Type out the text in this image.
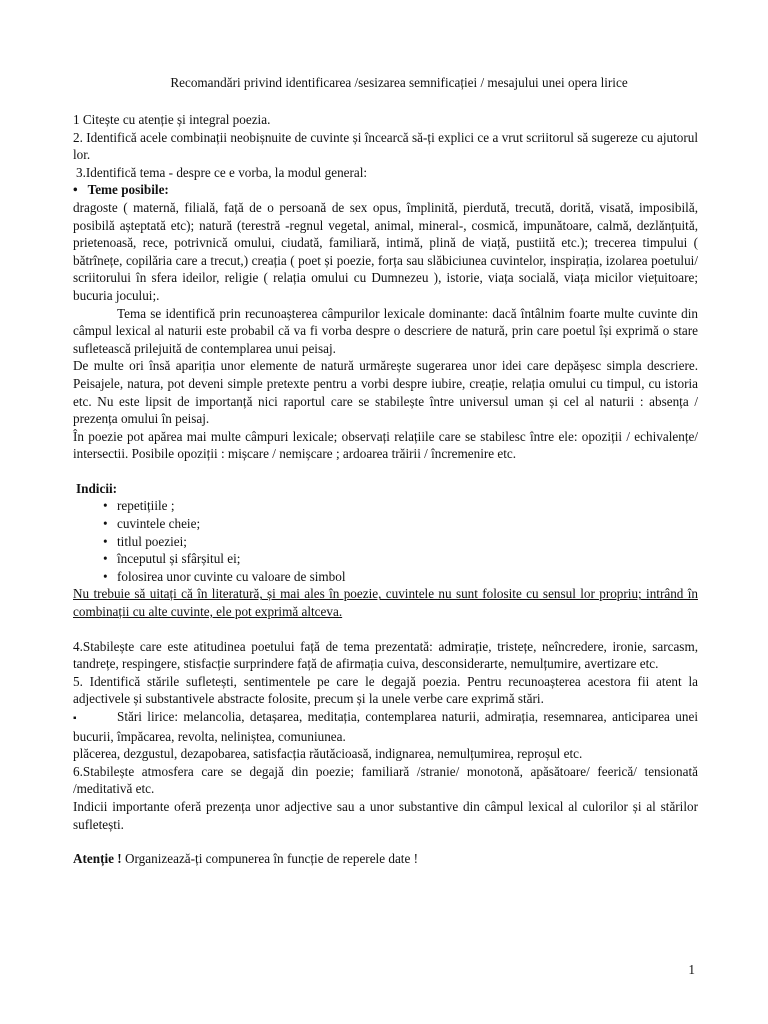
Recomandări privind identificarea /sesizarea semnificației / mesajului unei opera lirice

1 Citește cu atenție și integral poezia.

2. Identifică acele combinații neobișnuite de cuvinte și încearcă să-ți explici ce a vrut scriitorul să sugereze cu ajutorul lor.

3.Identifică tema - despre ce e vorba, la modul general:

• Teme posibile:

dragoste ( maternă, filială, față de o persoană de sex opus, împlinită, pierdută, trecută, dorită, visată, imposibilă, posibilă așteptată etc); natură (terestră -regnul vegetal, animal, mineral-, cosmică, impunătoare, calmă, dezlănțuită, prietenoasă, rece, potrivnică omului, ciudată, familiară, intimă, plină de viață, pustiită etc.); trecerea timpului ( bătrînețe, copilăria care a trecut,) creația ( poet și poezie, forța sau slăbiciunea cuvintelor, inspirația, izolarea poetului/ scriitorului în sfera ideilor, religie ( relația omului cu Dumnezeu ), istorie, viața socială, viața micilor viețuitoare; bucuria jocului;.

Tema se identifică prin recunoașterea câmpurilor lexicale dominante: dacă întâlnim foarte multe cuvinte din câmpul lexical al naturii este probabil că va fi vorba despre o descriere de natură, prin care poetul își exprimă o stare sufletească prilejuită de contemplarea unui peisaj.

De multe ori însă apariția unor elemente de natură urmărește sugerarea unor idei care depășesc simpla descriere. Peisajele, natura, pot deveni simple pretexte pentru a vorbi despre iubire, creație, relația omului cu timpul, cu istoria etc. Nu este lipsit de importanță nici raportul care se stabilește între universul uman și cel al naturii : absența / prezența omului în peisaj.

În poezie pot apărea mai multe câmpuri lexicale; observați relațiile care se stabilesc între ele: opoziții / echivalențe/ intersectii. Posibile opoziții : mișcare / nemișcare ; ardoarea trăirii / încremenire etc.

Indicii:

• repetițiile ;
• cuvintele cheie;
• titlul poeziei;
• începutul și sfârșitul ei;
• folosirea unor cuvinte cu valoare de simbol

Nu trebuie să uitați că în literatură, și mai ales în poezie, cuvintele nu sunt folosite cu sensul lor propriu; intrând în combinații cu alte cuvinte, ele pot exprimă altceva.

4.Stabilește care este atitudinea poetului față de tema prezentată: admirație, tristețe, neîncredere, ironie, sarcasm, tandrețe, respingere, stisfacție surprindere față de afirmația cuiva, desconsiderarte, nemulțumire, avertizare etc.

5. Identifică stările sufletești, sentimentele pe care le degajă poezia. Pentru recunoașterea acestora fii atent la adjectivele și substantivele abstracte folosite, precum și la unele verbe care exprimă stări.

▪ Stări lirice: melancolia, detașarea, meditația, contemplarea naturii, admirația, resemnarea, anticiparea unei bucurii, împăcarea, revolta, neliniștea, comuniunea.

plăcerea, dezgustul, dezapobarea, satisfacția răutăcioasă, indignarea, nemulțumirea, reproșul etc.

6.Stabilește atmosfera care se degajă din poezie; familiară /stranie/ monotonă, apăsătoare/ feerică/ tensionată /meditativă etc.

Indicii importante oferă prezența unor adjective sau a unor substantive din câmpul lexical al culorilor și al stărilor sufletești.

Atenție ! Organizează-ți compunerea în funcție de reperele date !

1
